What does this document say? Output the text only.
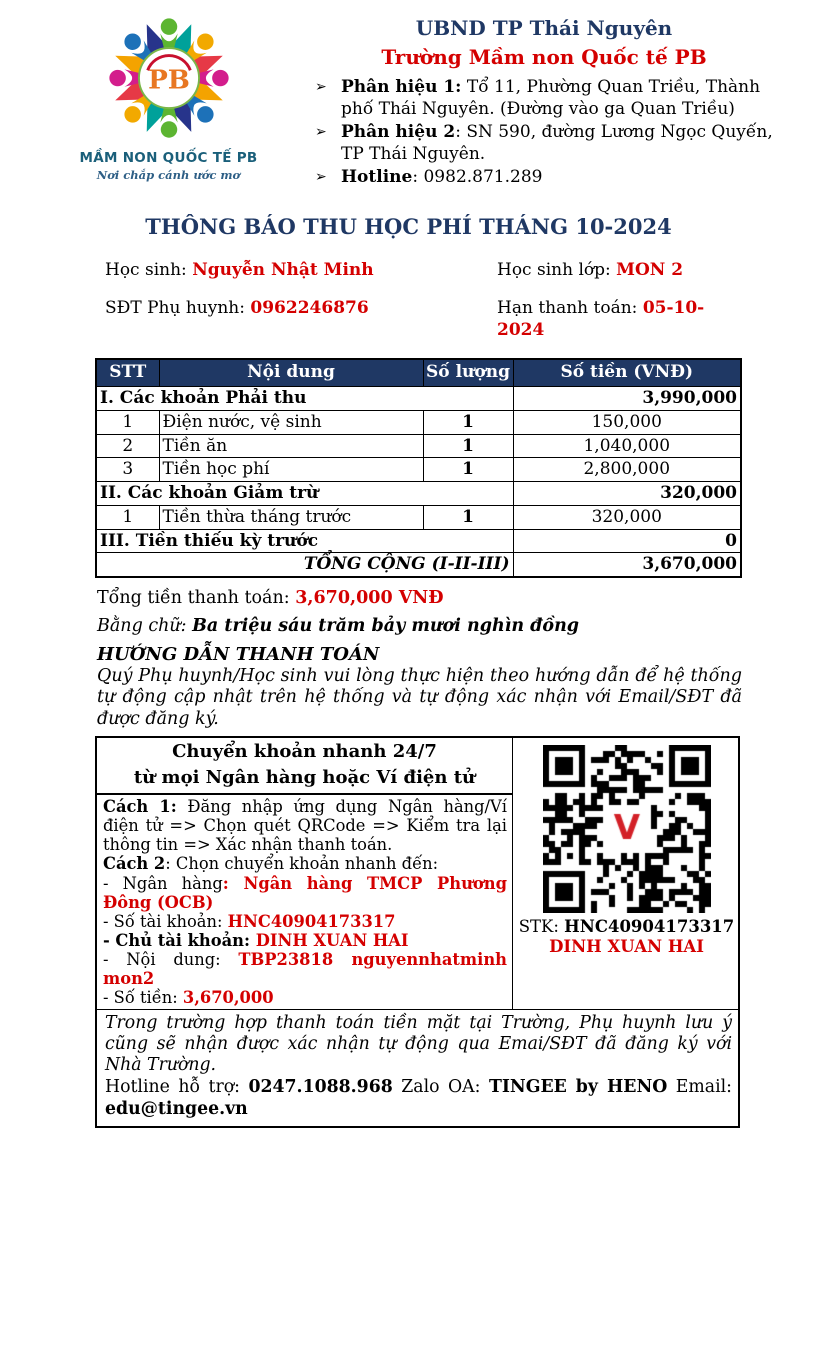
PB
MẦM NON QUỐC TẾ PB
Nơi chắp cánh ước mơ
UBND TP Thái Nguyên
Trường Mầm non Quốc tế PB
➢ Phân hiệu 1: Tổ 11, Phường Quan Triều, Thành phố Thái Nguyên. (Đường vào ga Quan Triều)
➢ Phân hiệu 2: SN 590, đường Lương Ngọc Quyến, TP Thái Nguyên.
➢ Hotline: 0982.871.289
THÔNG BÁO THU HỌC PHÍ THÁNG 10-2024
Học sinh: Nguyễn Nhật Minh	Học sinh lớp: MON 2
SĐT Phụ huynh: 0962246876	Hạn thanh toán: 05-10-2024
STT	Nội dung	Số lượng	Số tiền (VNĐ)
I. Các khoản Phải thu			3,990,000
1	Điện nước, vệ sinh	1	150,000
2	Tiền ăn	1	1,040,000
3	Tiền học phí	1	2,800,000
II. Các khoản Giảm trừ			320,000
1	Tiền thừa tháng trước	1	320,000
III. Tiền thiếu kỳ trước			0
TỔNG CỘNG (I-II-III)			3,670,000
Tổng tiền thanh toán: 3,670,000 VNĐ
Bằng chữ: Ba triệu sáu trăm bảy mươi nghìn đồng
HƯỚNG DẪN THANH TOÁN
Quý Phụ huynh/Học sinh vui lòng thực hiện theo hướng dẫn để hệ thống tự động cập nhật trên hệ thống và tự động xác nhận với Email/SĐT đã được đăng ký.
Chuyển khoản nhanh 24/7
từ mọi Ngân hàng hoặc Ví điện tử

Cách 1: Đăng nhập ứng dụng Ngân hàng/Ví điện tử => Chọn quét QRCode => Kiểm tra lại thông tin => Xác nhận thanh toán.

Cách 2: Chọn chuyển khoản nhanh đến:

- Ngân hàng: Ngân hàng TMCP Phương Đông (OCB)

- Số tài khoản: HNC40904173317

- Chủ tài khoản: DINH XUAN HAI

- Nội dung: TBP23818 nguyennhatminh mon2

- Số tiền: 3,670,000

STK: HNC40904173317
DINH XUAN HAI
Trong trường hợp thanh toán tiền mặt tại Trường, Phụ huynh lưu ý cũng sẽ nhận được xác nhận tự động qua Emai/SĐT đã đăng ký với Nhà Trường.
Hotline hỗ trợ: 0247.1088.968 Zalo OA: TINGEE by HENO Email: edu@tingee.vn
